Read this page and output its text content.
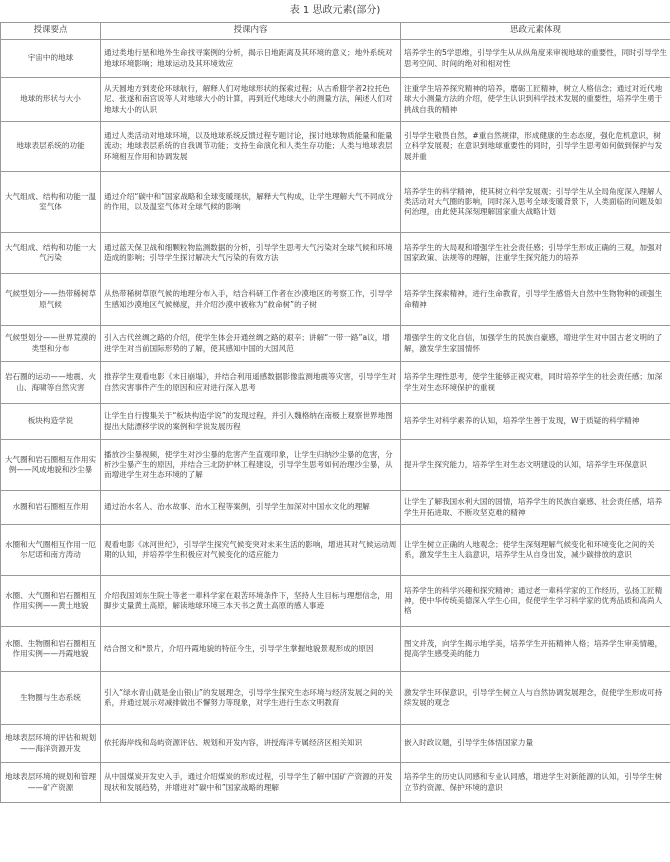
表 1 思政元素(部分)
授课要点	授课内容	思政元素体现
宇宙中的地球	通过类地行星和地外生命找寻案例的分析，揭示日地距离及其环境的意义；地外系统对地球环境影响；地球运动及其环境效应	培养学生的5学思维，引导学生从从纵角度来审视地球的重要性，同时引导学生思考空间、时间的绝对和相对性
地球的形状与大小	从天圆地方到麦伦环球航行，解释人们对地球形状的探索过程；从古希腊学者2拉托色尼、张遂和南宫说等人对地球大小的计算，再到近代地球大小的测量方法，阐述人们对地球大小的认识	注重学生培养探究精神的培养，磨砺工匠精神，树立人格信念；通过对近代地球大小测量方法的介绍，使学生认识到科学技术发展的重要性，培养学生勇于挑战自我的精神
地球表层系统的功能	通过人类活动对地球环境，以及地球系统反馈过程专题讨论，探讨地球物质能量和能量流动；地球表层系统的自我调节功能；支持生命演化和人类生存功能；人类与地球表层环境相互作用和协调发展	引导学生敬畏自然，#重自然规律，形成健康的生态态度，强化危机意识，树立科学发展观；在意识到地球重要性的同时，引导学生思考如何做到保护与发展并重
大气组成、结构和功能一温室气体	通过介绍“碳中和”国家战略和全球变暖现状，解释大气构成，让学生理解大气不同成分的作用，以及温室气体对全球气候的影响	培养学生的科学精神，使其树立科学发展观；引导学生从全局角度深入理解人类活动对大气圈的影响，同时深入思考全球变暖背景下，人类面临的问题及如何治理，由此使其深刻理解国家重大战略计划
大气组成、结构和功能一大气污染	通过蓝天保卫战和细颗粒物监测数据的分析，引导学生思考大气污染对全球气候和环境造成的影响；引导学生探讨解决大气污染的有效方法	培养学生的大局观和增强学生社会责任感；引导学生形成正确的三观，加强对国家政策、法规等的理解，注重学生探究能力的培养
气候型划分——热带稀树草原气候	从热带稀树草原气候的地理分布入手，结合科研工作者在沙漠地区的考察工作，引导学生感知沙漠地区气候梯度，并介绍沙漠中被称为“救命树”的子树	培养学生探索精神，进行生命教育，引导学生感悟大自然中生物物种的顽强生命精神
气候型划分——世界荒漠的类型和分布	引入古代丝绸之路的介绍，使学生体会开通丝绸之路的艰辛；讲解“一带一路”a议，增进学生对当前国际形势的了解，使其感知中国的大国风范	增强学生的文化自信，加强学生的民族自豪感，增进学生对中国古老文明的了解，激发学生家国情怀
岩石圈的运动——地震、火山、海啸等自然灾害	推荐学生观看电影《末日崩塌》，并结合利用遥感数据影像监测地震等灾害，引导学生对自然灾害事件产生的原因和应对进行深入思考	培养学生理性思考，使学生能够正视灾难，同时培养学生的社会责任感；加深学生对生态环境保护的重视
板块构造学说	让学生自行搜集关于“板块构造学说”的发现过程，并引入魏格纳在南极上观察世界地图提出大陆漂移学说的案例和学说发展历程	培养学生对科学素养的认知，培养学生善于发现，W于质疑的科学精神
大气圈和岩石圈相互作用实例——风成地貌和沙尘暴	播放沙尘暴视频，使学生对沙尘暴的危害产生直观印象，让学生归纳沙尘暴的危害，分析沙尘暴产生的原因，并结合三北防护林工程建设，引导学生思考如何治理沙尘暴，从而增进学生对生态环境的了解	提升学生探究能力，培养学生对生态文明建设的认知，培养学生环保意识
水圈和岩石圈相互作用	通过治水名人、治水故事、治水工程等案例，引导学生加深对中国水文化的理解	让学生了解我国水利大国的国情，培养学生的民族自豪感、社会责任感，培养学生开拓进取、不断攻坚克难的精神
水圈和大气圈相互作用一厄尔尼诺和南方涛动	观看电影《冰河世纪》，引导学生探究气候变突对未来生活的影响，增进其对气候运动周期的认知，并培养学生积极应对气候变化的适应能力	让学生树立正确的人地观念；使学生深刻理解气候变化和环境变化之间的关系，激发学生主人翁意识，培养学生从自身出发，减少碳排放的意识
水圈、大气圈和岩石圈相互作用实例——黄土地貌	介绍我国刘东生院士等老一辈科学家在艰苦环境条件下，坚持人生目标与理想信念，用脚步丈量黄土高原，解读地球环境三本天书之黄土高原的感人事迹	培养学生的科学兴趣和探究精神；通过老一辈科学家的工作经历，弘扬工匠精神，使中华传统美德深入学生心田，促使学生学习科学家的优秀品质和高尚人格
水圈、生物圈和岩石圈相互作用实例——丹霞地貌	结合图文和*景片，介绍丹霞地貌的特征今生，引导学生掌握地貌景观形成的原因	图文并茂，向学生揭示地学美，培养学生开拓精神人格；培养学生审美情趣，提高学生感受美的能力
生物圈与生态系统	引入“绿水青山就是金山银山”的发展理念，引导学生探究生态环境与经济发展之间的关系，并通过展示对减排做出不懈努力等现象，对学生进行生态文明教育	激发学生环保意识，引导学生树立人与自然协调发展理念，促使学生形成可持续发展的观念
地球表层环境的评估和规划——海洋资源开发	依托海岸线和岛屿资源评估、规划和开发内容，讲授海洋专属经济区相关知识	嵌入时政议题，引导学生体悟国家力量
地球表层环境的规划和管理——矿产资源	从中国煤炭开发史入手，通过介绍煤炭的形成过程，引导学生了解中国矿产资源的开发现状和发展趋势，并增进对“碳中和”国家战略的理解	培养学生的历史认同感和专业认同感，增进学生对新能源的认知，引导学生树立节约资源、保护环境的意识
